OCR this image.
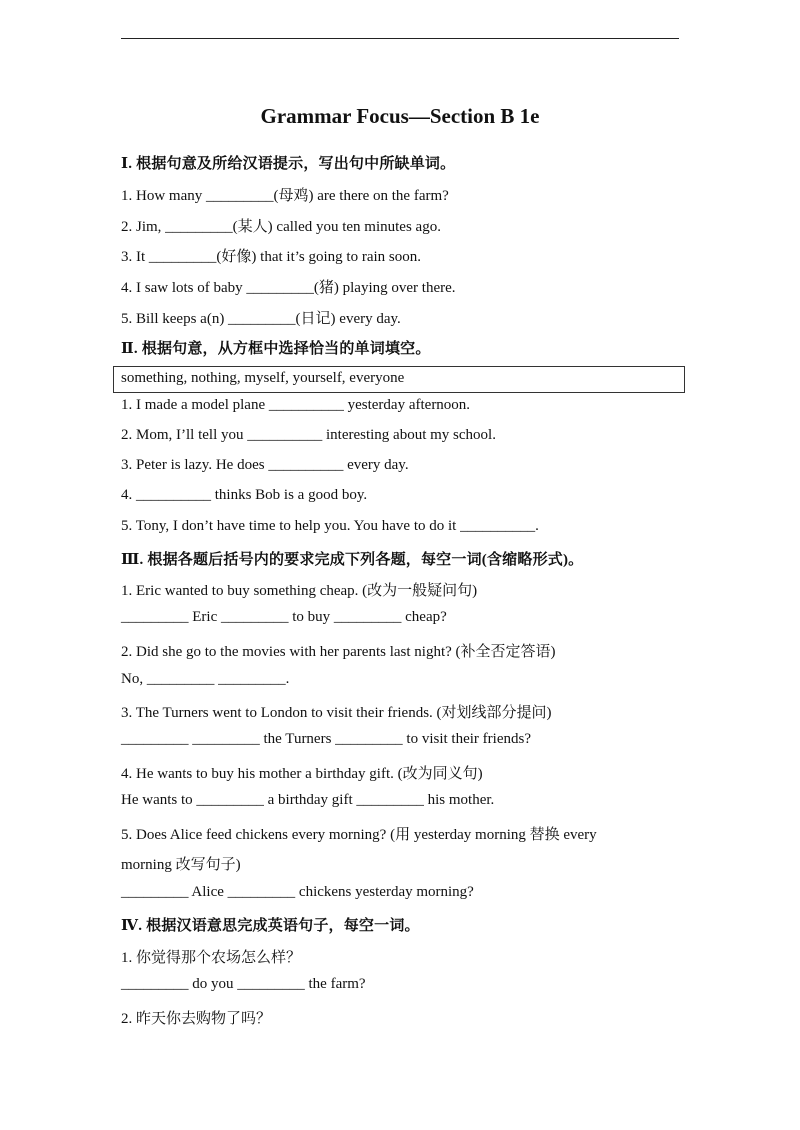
Grammar Focus—Section B 1e
Ⅰ. 根据句意及所给汉语提示，写出句中所缺单词。
1. How many _________(母鸡) are there on the farm?
2. Jim, _________(某人) called you ten minutes ago.
3. It _________(好像) that it’s going to rain soon.
4. I saw lots of baby _________(猪) playing over there.
5. Bill keeps a(n) _________(日记) every day.
Ⅱ. 根据句意，从方框中选择恰当的单词填空。
something, nothing, myself, yourself, everyone
1. I made a model plane __________ yesterday afternoon.
2. Mom, I’ll tell you __________ interesting about my school.
3. Peter is lazy. He does __________ every day.
4. __________ thinks Bob is a good boy.
5. Tony, I don’t have time to help you. You have to do it __________.
Ⅲ. 根据各题后括号内的要求完成下列各题，每空一词(含缩略形式)。
1. Eric wanted to buy something cheap. (改为一般疑问句)
_________ Eric _________ to buy _________ cheap?
2. Did she go to the movies with her parents last night? (补全否定答语)
No, _________ _________.
3. The Turners went to London to visit their friends. (对划线部分提问)
_________ _________ the Turners _________ to visit their friends?
4. He wants to buy his mother a birthday gift. (改为同义句)
He wants to _________ a birthday gift _________ his mother.
5. Does Alice feed chickens every morning? (用 yesterday morning 替换 every
morning 改写句子)
_________ Alice _________ chickens yesterday morning?
Ⅳ. 根据汉语意思完成英语句子，每空一词。
1. 你觉得那个农场怎么样？
_________ do you _________ the farm?
2. 昨天你去购物了吗？
